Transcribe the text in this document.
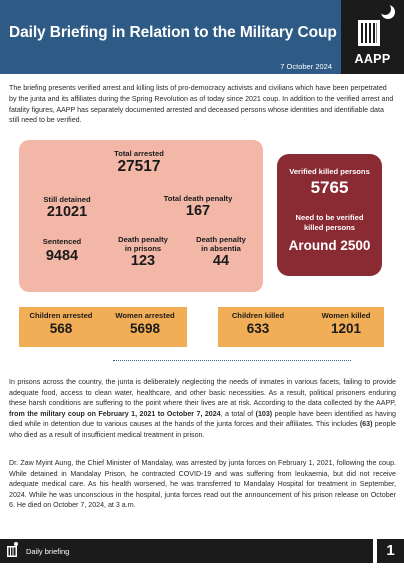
Daily Briefing in Relation to the Military Coup
7 October 2024
AAPP
The briefing presents verified arrest and killing lists of pro-democracy activists and civilians which have been perpetrated by the junta and its affiliates during the Spring Revolution as of today since 2021 coup. In addition to the verified arrest and fatality figures, AAPP has separately documented arrested and deceased persons whose identities and identifiable data still need to be verified.
Total arrested
27517
Still detained
21021
Total death penalty
167
Sentenced
9484
Death penalty
in prisons
123
Death penalty
in absentia
44
Verified killed persons
5765
Need to be verified
killed persons
Around 2500
Children arrested
568
Women arrested
5698
Children killed
633
Women killed
1201
In prisons across the country, the junta is deliberately neglecting the needs of inmates in various facets, failing to provide adequate food, access to clean water, healthcare, and other basic necessities. As a result, political prisoners enduring these harsh conditions are suffering to the point where their lives are at risk. According to the data collected by the AAPP, from the military coup on February 1, 2021 to October 7, 2024, a total of (103) people have been identified as having died while in detention due to various causes at the hands of the junta forces and their affiliates. This includes (63) people who died as a result of insufficient medical treatment in prison.
Dr. Zaw Myint Aung, the Chief Minister of Mandalay, was arrested by junta forces on February 1, 2021, following the coup. While detained in Mandalay Prison, he contracted COVID-19 and was suffering from leukaemia, but did not receive adequate medical care. As his health worsened, he was transferred to Mandalay Hospital for treatment in September, 2024. While he was unconscious in the hospital, junta forces read out the announcement of his prison release on October 6. He died on October 7, 2024, at 3 a.m.
Daily briefing	1
